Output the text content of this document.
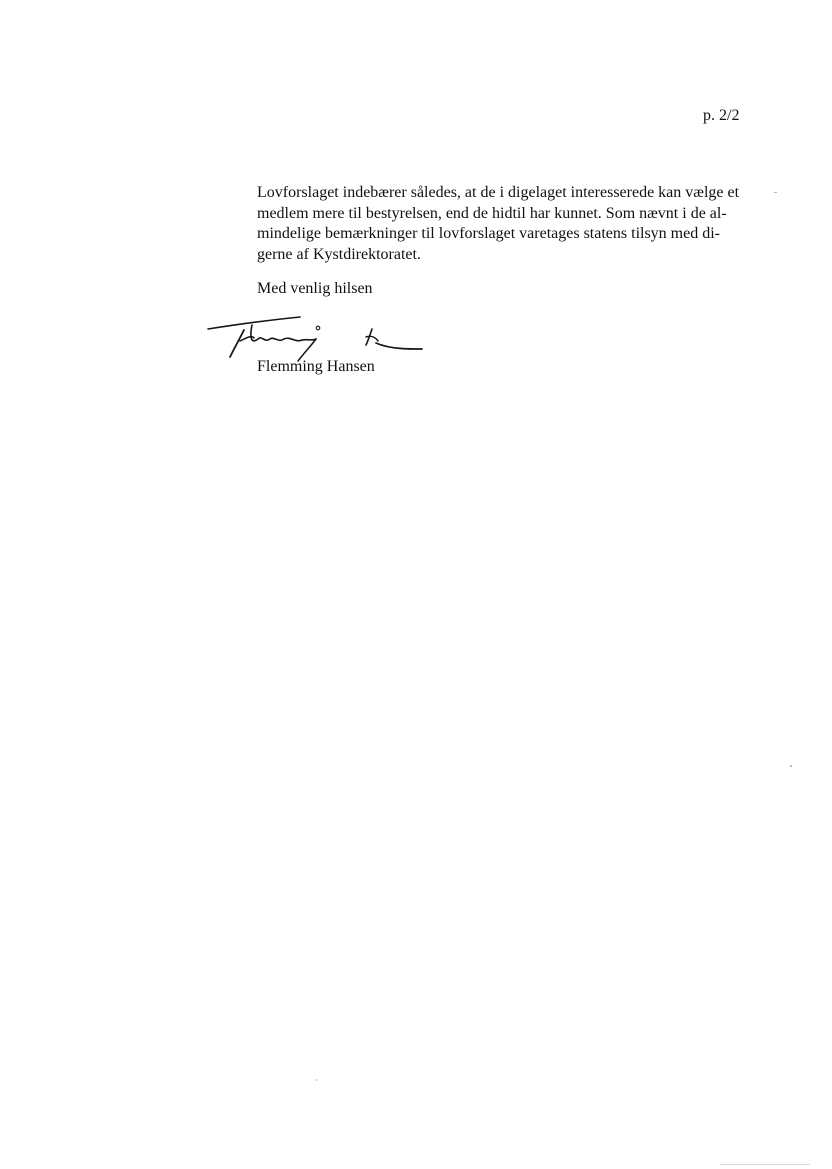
p. 2/2
Lovforslaget indebærer således, at de i digelaget interesserede kan vælge et
medlem mere til bestyrelsen, end de hidtil har kunnet. Som nævnt i de al-
mindelige bemærkninger til lovforslaget varetages statens tilsyn med di-
gerne af Kystdirektoratet.
Med venlig hilsen
Flemming Hansen
